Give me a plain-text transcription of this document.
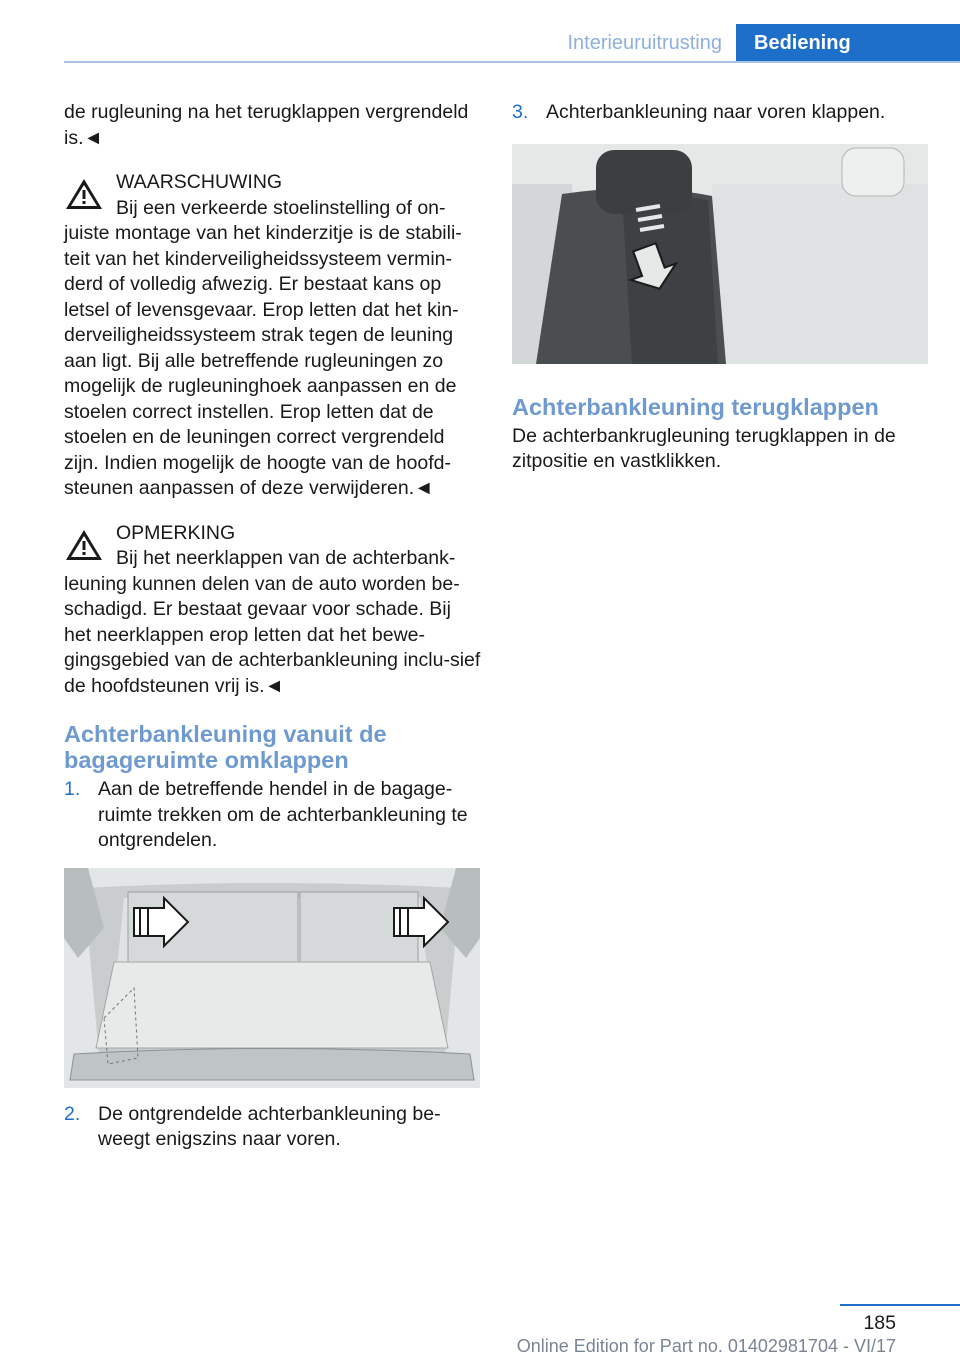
Interieuruitrusting	Bediening

de rugleuning na het terugklappen vergrendeld is.◄

WAARSCHUWING
Bij een verkeerde stoelinstelling of on‐

juiste montage van het kinderzitje is de stabili‐teit van het kinderveiligheidssysteem vermin‐derd of volledig afwezig. Er bestaat kans op letsel of levensgevaar. Erop letten dat het kin‐derveiligheidssysteem strak tegen de leuning aan ligt. Bij alle betreffende rugleuningen zo mogelijk de rugleuninghoek aanpassen en de stoelen correct instellen. Erop letten dat de stoelen en de leuningen correct vergrendeld zijn. Indien mogelijk de hoogte van de hoofd‐steunen aanpassen of deze verwijderen.◄

OPMERKING
Bij het neerklappen van de achterbank‐

leuning kunnen delen van de auto worden be‐schadigd. Er bestaat gevaar voor schade. Bij het neerklappen erop letten dat het bewe‐gingsgebied van de achterbankleuning inclu‐sief de hoofdsteunen vrij is.◄

Achterbankleuning vanuit de bagageruimte omklappen
1. Aan de betreffende hendel in de bagage‐ruimte trekken om de achterbankleuning te ontgrendelen.
2. De ontgrendelde achterbankleuning be‐weegt enigszins naar voren.
3. Achterbankleuning naar voren klappen.
Achterbankleuning terugklappen

De achterbankrugleuning terugklappen in de zitpositie en vastklikken.

185
Online Edition for Part no. 01402981704 - VI/17
